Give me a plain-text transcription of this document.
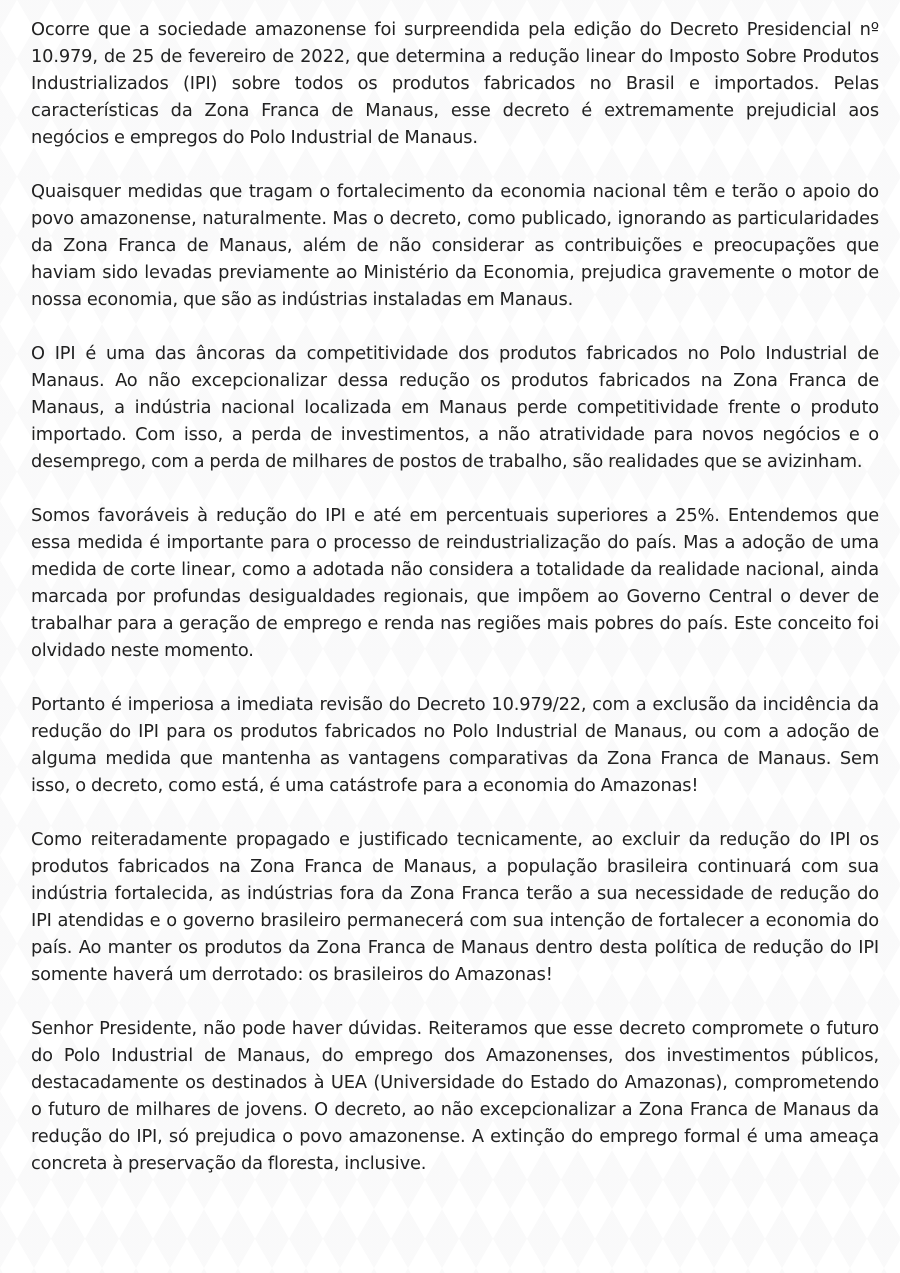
Ocorre que a sociedade amazonense foi surpreendida pela edição do Decreto Presidencial nº 10.979, de 25 de fevereiro de 2022, que determina a redução linear do Imposto Sobre Produtos Industrializados (IPI) sobre todos os produtos fabricados no Brasil e importados. Pelas características da Zona Franca de Manaus, esse decreto é extremamente prejudicial aos negócios e empregos do Polo Industrial de Manaus.

Quaisquer medidas que tragam o fortalecimento da economia nacional têm e terão o apoio do povo amazonense, naturalmente. Mas o decreto, como publicado, ignorando as particularidades da Zona Franca de Manaus, além de não considerar as contribuições e preocupações que haviam sido levadas previamente ao Ministério da Economia, prejudica gravemente o motor de nossa economia, que são as indústrias instaladas em Manaus.

O IPI é uma das âncoras da competitividade dos produtos fabricados no Polo Industrial de Manaus. Ao não excepcionalizar dessa redução os produtos fabricados na Zona Franca de Manaus, a indústria nacional localizada em Manaus perde competitividade frente o produto importado. Com isso, a perda de investimentos, a não atratividade para novos negócios e o desemprego, com a perda de milhares de postos de trabalho, são realidades que se avizinham.

Somos favoráveis à redução do IPI e até em percentuais superiores a 25%. Entendemos que essa medida é importante para o processo de reindustrialização do país. Mas a adoção de uma medida de corte linear, como a adotada não considera a totalidade da realidade nacional, ainda marcada por profundas desigualdades regionais, que impõem ao Governo Central o dever de trabalhar para a geração de emprego e renda nas regiões mais pobres do país. Este conceito foi olvidado neste momento.

Portanto é imperiosa a imediata revisão do Decreto 10.979/22, com a exclusão da incidência da redução do IPI para os produtos fabricados no Polo Industrial de Manaus, ou com a adoção de alguma medida que mantenha as vantagens comparativas da Zona Franca de Manaus. Sem isso, o decreto, como está, é uma catástrofe para a economia do Amazonas!

Como reiteradamente propagado e justificado tecnicamente, ao excluir da redução do IPI os produtos fabricados na Zona Franca de Manaus, a população brasileira continuará com sua indústria fortalecida, as indústrias fora da Zona Franca terão a sua necessidade de redução do IPI atendidas e o governo brasileiro permanecerá com sua intenção de fortalecer a economia do país. Ao manter os produtos da Zona Franca de Manaus dentro desta política de redução do IPI somente haverá um derrotado: os brasileiros do Amazonas!

Senhor Presidente, não pode haver dúvidas. Reiteramos que esse decreto compromete o futuro do Polo Industrial de Manaus, do emprego dos Amazonenses, dos investimentos públicos, destacadamente os destinados à UEA (Universidade do Estado do Amazonas), comprometendo o futuro de milhares de jovens. O decreto, ao não excepcionalizar a Zona Franca de Manaus da redução do IPI, só prejudica o povo amazonense. A extinção do emprego formal é uma ameaça concreta à preservação da floresta, inclusive.
